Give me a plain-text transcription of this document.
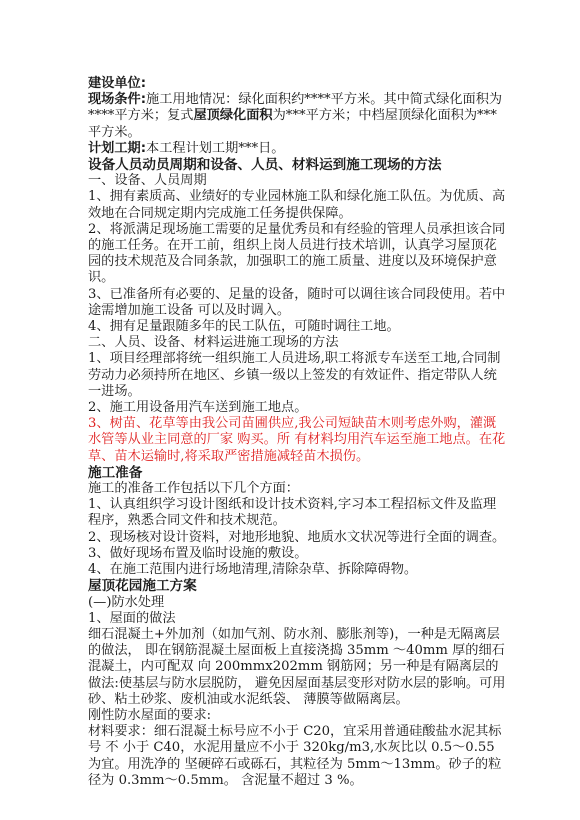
建设单位:

现场条件:施工用地情况：绿化面积约****平方米。其中简式绿化面积为****平方米；复式屋顶绿化面积为***平方米；中档屋顶绿化面积为***平方米。

计划工期:本工程计划工期***日。

设备人员动员周期和设备、人员、材料运到施工现场的方法

一、设备、人员周期

1、拥有素质高、业绩好的专业园林施工队和绿化施工队伍。为优质、高效地在合同规定期内完成施工任务提供保障。

2、将派满足现场施工需要的足量优秀员和有经验的管理人员承担该合同的施工任务。在开工前，组织上岗人员进行技术培训，认真学习屋顶花园的技术规范及合同条款，加强职工的施工质量、进度以及环境保护意识。

3、已准备所有必要的、足量的设备，随时可以调往该合同段使用。若中途需增加施工设备 可以及时调入。

4、拥有足量跟随多年的民工队伍，可随时调往工地。

二、人员、设备、材料运进施工现场的方法

1、项目经理部将统一组织施工人员进场,职工将派专车送至工地,合同制劳动力必须持所在地区、乡镇一级以上签发的有效证件、指定带队人统一进场。

2、施工用设备用汽车送到施工地点。

3、树苗、花草等由我公司苗圃供应,我公司短缺苗木则考虑外购，灌溉水管等从业主同意的厂家 购买。所 有材料均用汽车运至施工地点。在花草、苗木运输时,将采取严密措施减轻苗木损伤。

施工准备

施工的准备工作包括以下几个方面：

1、认真组织学习设计图纸和设计技术资料,字习本工程招标文件及监理程序，熟悉合同文件和技术规范。

2、现场核对设计资料，对地形地貌、地质水文状况等进行全面的调查。

3、做好现场布置及临时设施的敷设。

4、在施工范围内进行场地清理,清除杂草、拆除障碍物。

屋顶花园施工方案

(—)防水处理

1、屋面的做法

细石混凝土+外加剂（如加气剂、防水剂、膨胀剂等)，一种是无隔离层的做法， 即在钢筋混凝土屋面板上直接浇捣 35mm ～40mm 厚的细石混凝土，内可配双 向 200mmx202mm 钢筋网；另一种是有隔离层的做法:使基层与防水层脱防， 避免因屋面基层变形对防水层的影响。可用砂、粘土砂浆、废机油或水泥纸袋、 薄膜等做隔离层。

刚性防水屋面的要求:

材料要求：细石混凝土标号应不小于 C20，宜采用普通硅酸盐水泥其标号 不 小于 C40，水泥用量应不小于 320kg/m3,水灰比以 0.5～0.55 为宜。用洗净的 坚硬碎石或砾石，其粒径为 5mm～13mm。砂子的粒径为 0.3mm～0.5mm。 含泥量不超过 3 %。
